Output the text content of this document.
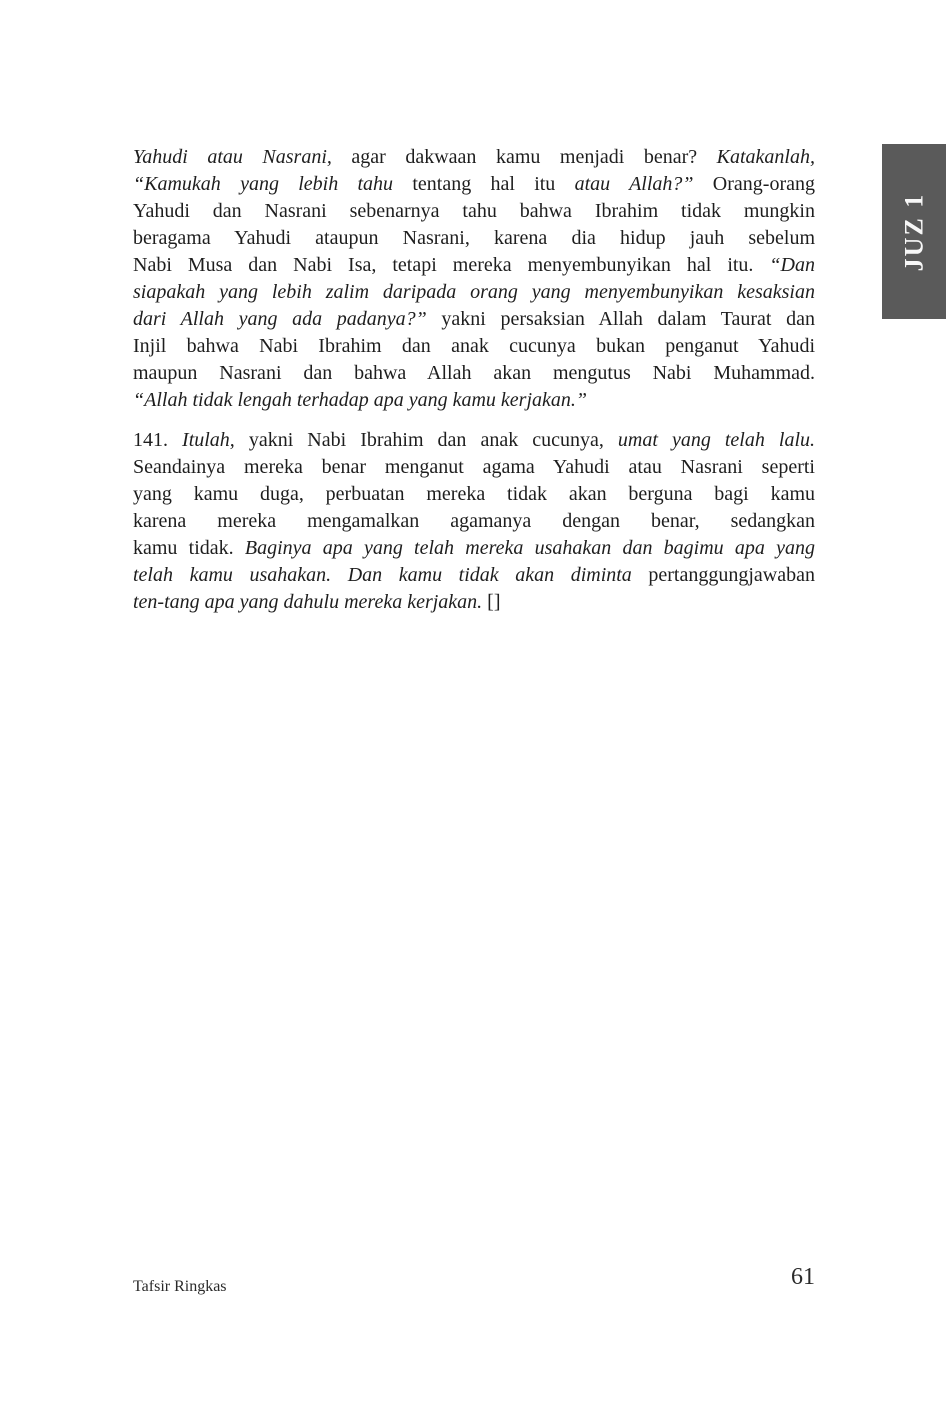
JUZ 1
Yahudi atau Nasrani, agar dakwaan kamu menjadi benar? Katakanlah,
“Kamukah yang lebih tahu tentang hal itu atau Allah?” Orang-orang
Yahudi dan Nasrani sebenarnya tahu bahwa Ibrahim tidak mungkin
beragama Yahudi ataupun Nasrani, karena dia hidup jauh sebelum
Nabi Musa dan Nabi Isa, tetapi mereka menyembunyikan hal itu. “Dan
siapakah yang lebih zalim daripada orang yang menyembunyikan kesaksian
dari Allah yang ada padanya?” yakni persaksian Allah dalam Taurat dan
Injil bahwa Nabi Ibrahim dan anak cucunya bukan penganut Yahudi
maupun Nasrani dan bahwa Allah akan mengutus Nabi Muhammad.
“Allah tidak lengah terhadap apa yang kamu kerjakan.”
141. Itulah, yakni Nabi Ibrahim dan anak cucunya, umat yang telah lalu.
Seandainya mereka benar menganut agama Yahudi atau Nasrani seperti
yang kamu duga, perbuatan mereka tidak akan berguna bagi kamu
karena mereka mengamalkan agamanya dengan benar, sedangkan
kamu tidak. Baginya apa yang telah mereka usahakan dan bagimu apa yang
telah kamu usahakan. Dan kamu tidak akan diminta pertanggungjawaban
ten-tang apa yang dahulu mereka kerjakan. []
Tafsir Ringkas	61
